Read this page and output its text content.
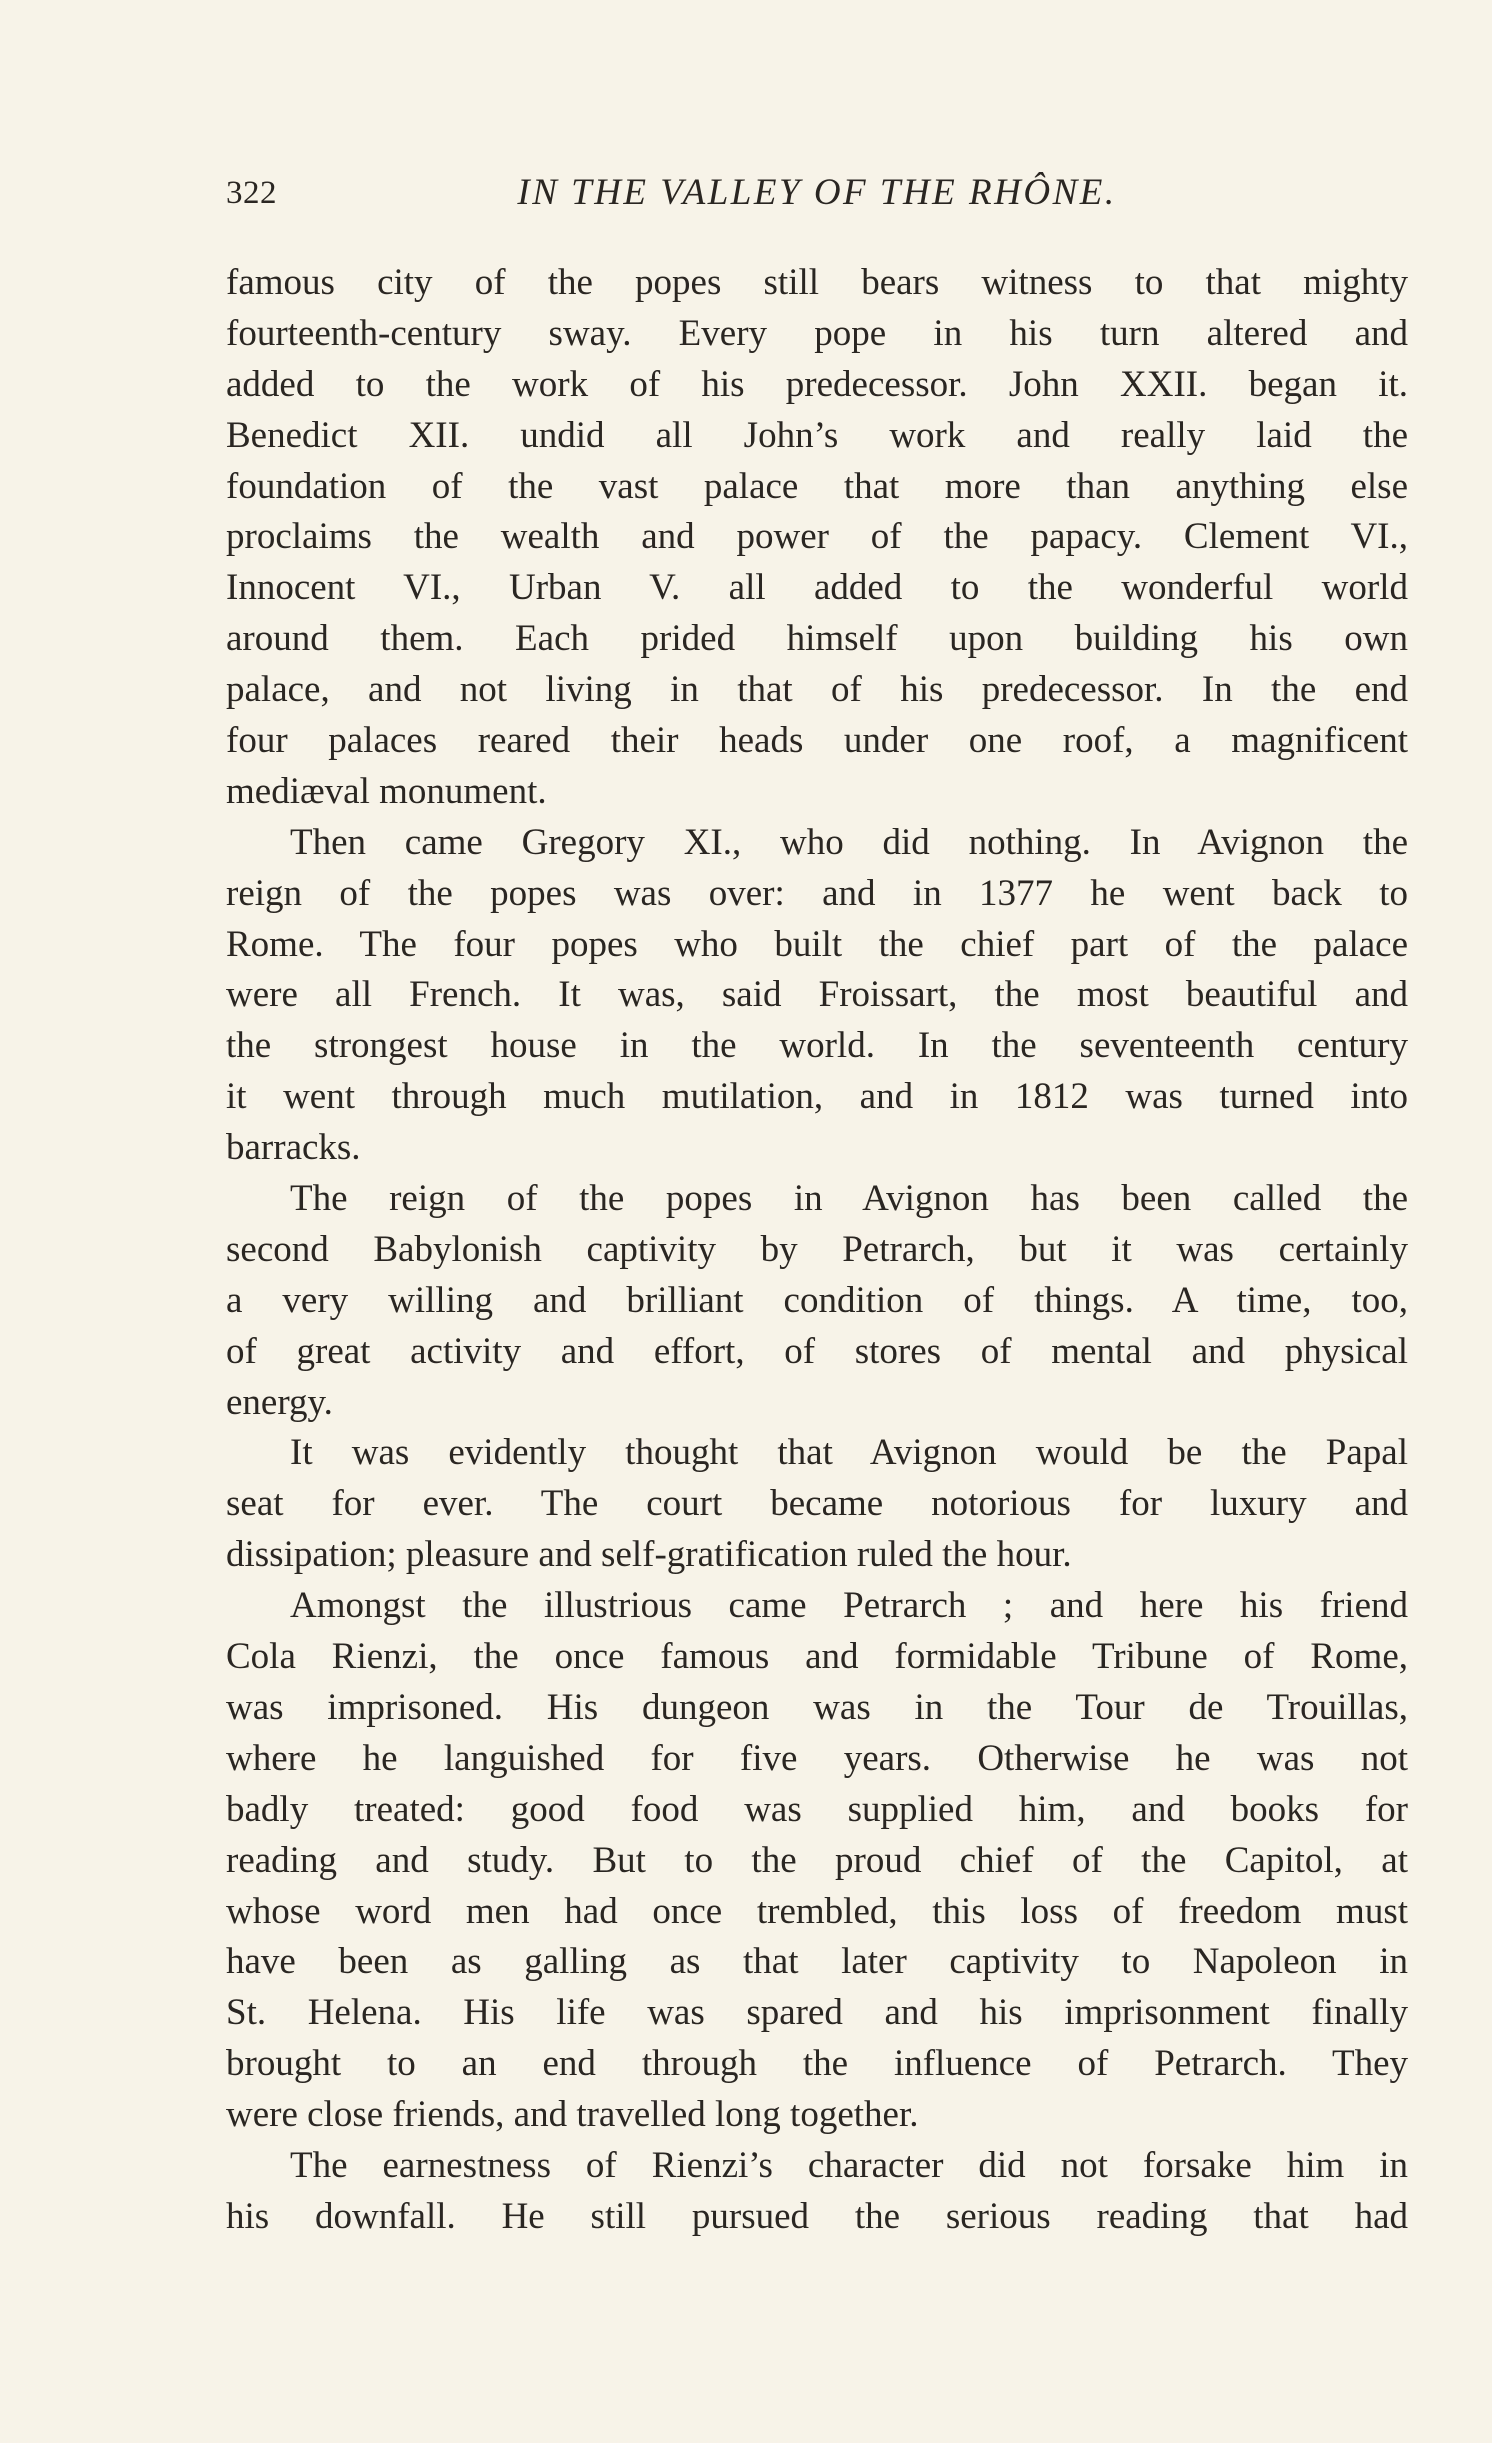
322	IN THE VALLEY OF THE RHÔNE.
famous city of the popes still bears witness to that mighty
fourteenth-century sway. Every pope in his turn altered and
added to the work of his predecessor. John XXII. began it.
Benedict XII. undid all John’s work and really laid the
foundation of the vast palace that more than anything else
proclaims the wealth and power of the papacy. Clement VI.,
Innocent VI., Urban V. all added to the wonderful world
around them. Each prided himself upon building his own
palace, and not living in that of his predecessor. In the end
four palaces reared their heads under one roof, a magnificent
mediæval monument.
Then came Gregory XI., who did nothing. In Avignon the
reign of the popes was over: and in 1377 he went back to
Rome. The four popes who built the chief part of the palace
were all French. It was, said Froissart, the most beautiful and
the strongest house in the world. In the seventeenth century
it went through much mutilation, and in 1812 was turned into
barracks.
The reign of the popes in Avignon has been called the
second Babylonish captivity by Petrarch, but it was certainly
a very willing and brilliant condition of things. A time, too,
of great activity and effort, of stores of mental and physical
energy.
It was evidently thought that Avignon would be the Papal
seat for ever. The court became notorious for luxury and
dissipation; pleasure and self-gratification ruled the hour.
Amongst the illustrious came Petrarch ; and here his friend
Cola Rienzi, the once famous and formidable Tribune of Rome,
was imprisoned. His dungeon was in the Tour de Trouillas,
where he languished for five years. Otherwise he was not
badly treated: good food was supplied him, and books for
reading and study. But to the proud chief of the Capitol, at
whose word men had once trembled, this loss of freedom must
have been as galling as that later captivity to Napoleon in
St. Helena. His life was spared and his imprisonment finally
brought to an end through the influence of Petrarch. They
were close friends, and travelled long together.
The earnestness of Rienzi’s character did not forsake him in
his downfall. He still pursued the serious reading that had
